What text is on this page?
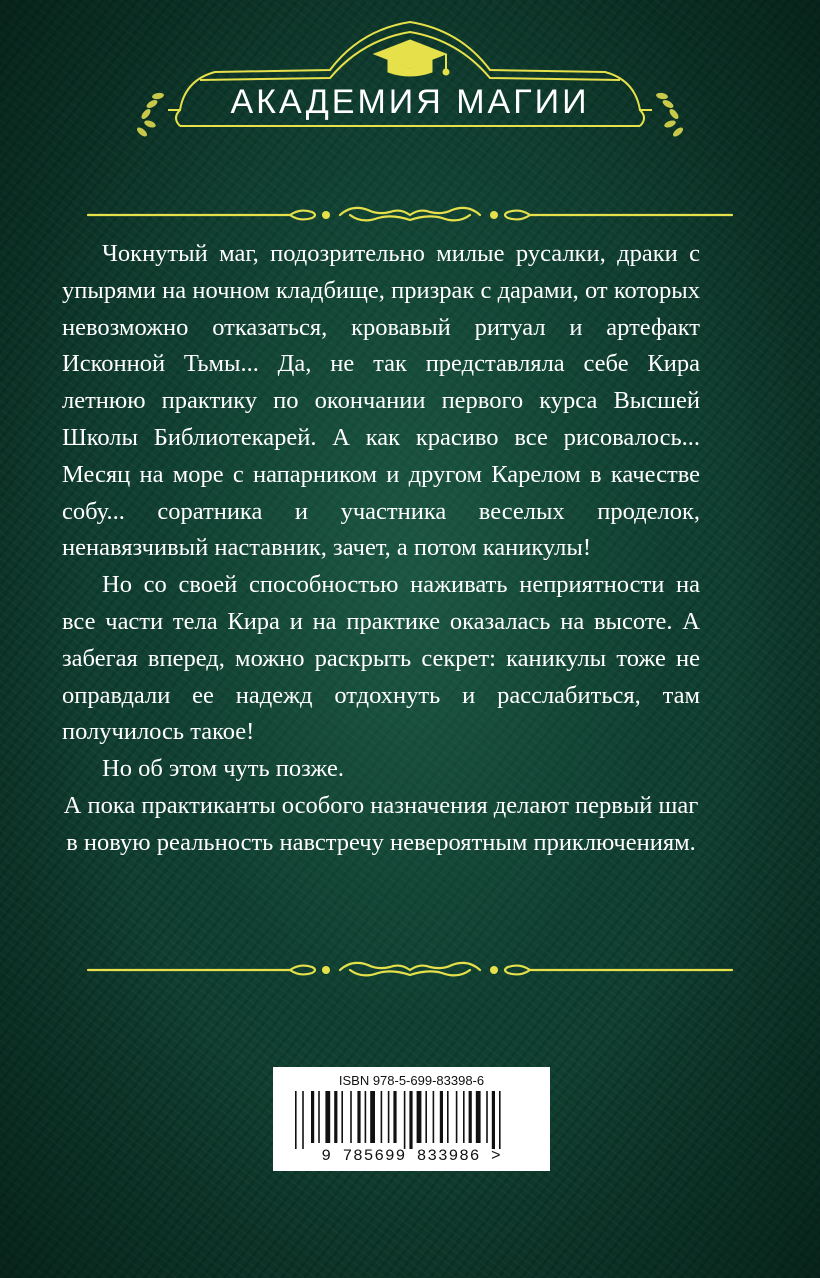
АКАДЕМИЯ МАГИИ

Чокнутый маг, подозрительно милые русалки, драки с упырями на ночном кладбище, призрак с дарами, от которых невозможно отказаться, кровавый ритуал и артефакт Исконной Тьмы... Да, не так представляла себе Кира летнюю практику по окончании первого курса Высшей Школы Библиотекарей. А как красиво все рисовалось... Месяц на море с напарником и другом Карелом в качестве собу... соратника и участника веселых проделок, ненавязчивый наставник, зачет, а потом каникулы!

Но со своей способностью наживать неприятности на все части тела Кира и на практике оказалась на высоте. А забегая вперед, можно раскрыть секрет: каникулы тоже не оправдали ее надежд отдохнуть и расслабиться, там получилось такое!

Но об этом чуть позже.

А пока практиканты особого назначения делают первый шаг в новую реальность навстречу невероятным приключениям.

ISBN 978-5-699-83398-6
9 785699 833986 >
